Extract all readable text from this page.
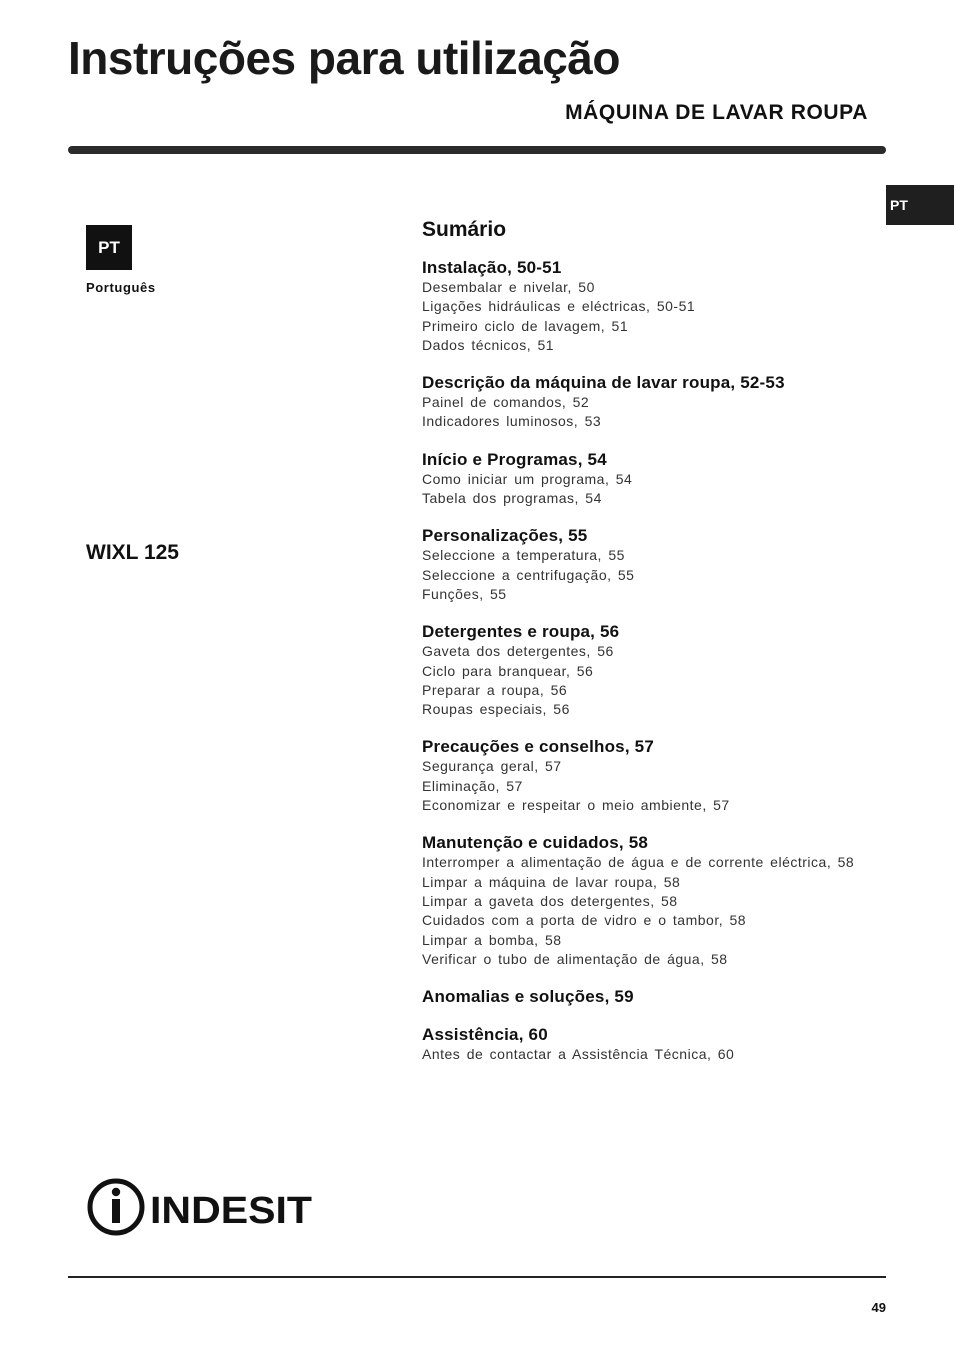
Instruções para utilização
MÁQUINA DE LAVAR ROUPA
PT
PT
Português
WIXL 125
Sumário
Instalação, 50-51
Desembalar e nivelar, 50
Ligações hidráulicas e eléctricas, 50-51
Primeiro ciclo de lavagem, 51
Dados técnicos, 51
Descrição da máquina de lavar roupa, 52-53
Painel de comandos, 52
Indicadores luminosos, 53
Início e Programas, 54
Como iniciar um programa, 54
Tabela dos programas, 54
Personalizações, 55
Seleccione a temperatura, 55
Seleccione a centrifugação, 55
Funções, 55
Detergentes e roupa, 56
Gaveta dos detergentes, 56
Ciclo para branquear, 56
Preparar a roupa, 56
Roupas especiais, 56
Precauções e conselhos, 57
Segurança geral, 57
Eliminação, 57
Economizar e respeitar o meio ambiente, 57
Manutenção e cuidados, 58
Interromper a alimentação de água e de corrente eléctrica, 58
Limpar a máquina de lavar roupa, 58
Limpar a gaveta dos detergentes, 58
Cuidados com a porta de vidro e o tambor, 58
Limpar a bomba, 58
Verificar o tubo de alimentação de água, 58
Anomalias e soluções, 59
Assistência, 60
Antes de contactar a Assistência Técnica, 60
INDESIT
49
